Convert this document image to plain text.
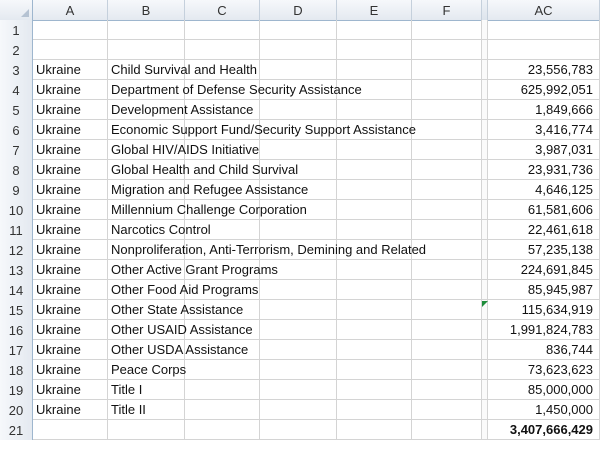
A	B	C	D	E	F	AC
1
2
3	Ukraine	Child Survival and Health	23,556,783
4	Ukraine	Department of Defense Security Assistance	625,992,051
5	Ukraine	Development Assistance	1,849,666
6	Ukraine	Economic Support Fund/Security Support Assistance	3,416,774
7	Ukraine	Global HIV/AIDS Initiative	3,987,031
8	Ukraine	Global Health and Child Survival	23,931,736
9	Ukraine	Migration and Refugee Assistance	4,646,125
10 Ukraine	Millennium Challenge Corporation	61,581,606
11	Ukraine	Narcotics Control	22,461,618
12 Ukraine	Nonproliferation, Anti-Terrorism, Demining and Related	57,235,138
13 Ukraine	Other Active Grant Programs	224,691,845
14 Ukraine	Other Food Aid Programs	85,945,987
15 Ukraine	Other State Assistance	115,634,919
16 Ukraine	Other USAID Assistance	1,991,824,783
17 Ukraine	Other USDA Assistance	836,744
18 Ukraine	Peace Corps	73,623,623
19 Ukraine	Title I	85,000,000
20 Ukraine	Title II	1,450,000
21	3,407,666,429
